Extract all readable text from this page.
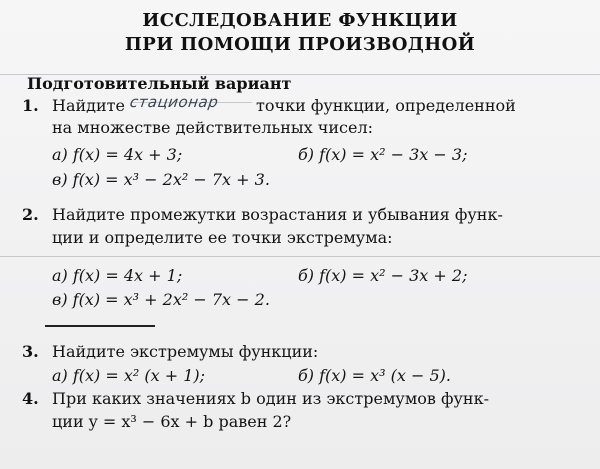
ИССЛЕДОВАНИЕ ФУНКЦИИ
ПРИ ПОМОЩИ ПРОИЗВОДНОЙ
Подготовительный вариант
1. Найдите стационар	точки функции, определенной
на множестве действительных чисел:
а) f(x) = 4x + 3;	б) f(x) = x² − 3x − 3;
в) f(x) = x³ − 2x² − 7x + 3.
2. Найдите промежутки возрастания и убывания функ-
ции и определите ее точки экстремума:
а) f(x) = 4x + 1;	б) f(x) = x² − 3x + 2;
в) f(x) = x³ + 2x² − 7x − 2.
3. Найдите экстремумы функции:
а) f(x) = x² (x + 1);	б) f(x) = x³ (x − 5).
4. При каких значениях b один из экстремумов функ-
ции y = x³ − 6x + b равен 2?
